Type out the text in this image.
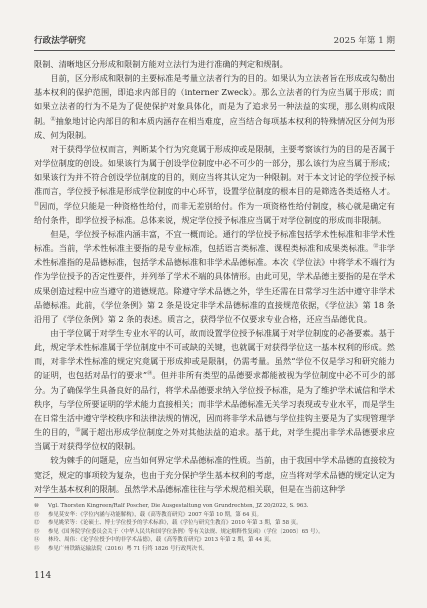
行政法学研究	2025 年第 1 期

限制、清晰地区分形成和限制方能对立法行为进行准确的判定和规制。

目前，区分形成和限制的主要标准是考量立法者行为的目的。如果认为立法者旨在形成或勾勒出基本权利的保护范围，即追求内部目的（interner Zweck）。那么立法者的行为应当属于形成；而如果立法者的行为不是为了促使保护对象具体化，而是为了追求另一种法益的实现，那么则构成限制。⑪抽象地讨论内部目的和本质内涵存在相当难度，应当结合每项基本权利的特殊情况区分何为形成、何为限制。

对于获得学位权而言，判断某个行为究竟属于形成抑或是限制，主要考察该行为的目的是否属于对学位制度的创设。如果该行为属于创设学位制度中必不可少的一部分，那么该行为应当属于形成；如果该行为并不符合创设学位制度的目的，则应当将其认定为一种限制。对于本文讨论的学位授予标准而言，学位授予标准是形成学位制度的中心环节，设置学位制度的根本目的是筛选各类适格人才。⑫因而，学位只能是一种资格性给付，而非无差别给付。作为一项资格性给付制度，核心就是确定有给付条件，即学位授予标准。总体来说，规定学位授予标准应当属于对学位制度的形成而非限制。

但是，学位授予标准内涵丰富，不宜一概而论。通行的学位授予标准包括学术性标准和非学术性标准。当前，学术性标准主要指的是专业标准，包括语言类标准、课程类标准和成果类标准。⑬非学术性标准指的是品德标准，包括学术品德标准和非学术品德标准。本次《学位法》中将学术不端行为作为学位授予的否定性要件，并列举了学术不端的具体情形。由此可见，学术品德主要指的是在学术成果创造过程中应当遵守的道德规范。除遵守学术品德之外，学生还需在日常学习生活中遵守非学术品德标准。此前，《学位条例》第 2 条是设定非学术品德标准的直接规范依据，《学位法》第 18 条沿用了《学位条例》第 2 条的表述。质言之，获得学位不仅要求专业合格，还应当品德优良。

由于学位属于对学生专业水平的认可，故而设置学位授予标准属于对学位制度的必备要素。基于此，规定学术性标准属于学位制度中不可或缺的关键，也就属于对获得学位这一基本权利的形成。然而，对非学术性标准的规定究竟属于形成抑或是限制，仍需考量。虽然“学位不仅是学习和研究能力的证明，也包括对品行的要求”⑭。但并非所有类型的品德要求都能被视为学位制度中必不可少的部分。为了确保学生具备良好的品行，将学术品德要求纳入学位授予标准，是为了维护学术诚信和学术秩序，与学位所要证明的学术能力直接相关；而非学术品德标准无关学习表现或专业水平，而是学生在日常生活中遵守学校秩序和法律法规的情况，因而将非学术品德与学位挂钩主要是为了实现管理学生的目的，⑮属于超出形成学位制度之外对其他法益的追求。基于此，对学生提出非学术品德要求应当属于对获得学位权的限制。

较为棘手的问题是，应当如何界定学术品德标准的性质。当前，由于我国中学术品德的直接较为宽泛，规定的事项较为复杂，也由于充分保护学生基本权利的考虑，应当将对学术品德的规定认定为对学生基本权利的限制。虽然学术品德标准往往与学术规范相关联，但是在当前这种学

⑩	Vgl. Thorsten Kingreen/Ralf Poscher, Die Ausgestaltung von Grundrechten, JZ 20/2022, S. 963.
⑪	参见莫安华：《学位内涵与功能解构》，载《高等教育研究》2007 年第 10 期，第 64 页。
⑫	参见姚荣等：《论硕士、博士学位授予的学术标准》，载《学位与研究生教育》2010 年第 3 期，第 58 页。
⑬	参见《国务院学位委员会关于〈中华人民共和国学位条例〉等有关法规、规定解释性复函》（学位〔2005〕65 号）。
⑭	林玲、周伟：《论学位授予中的非学术品德》，载《高等教育研究》2013 年第 2 期，第 44 页。
⑮	参见广州铁路运输法院（2016）粤 71 行终 1826 号行政判决书。
114
